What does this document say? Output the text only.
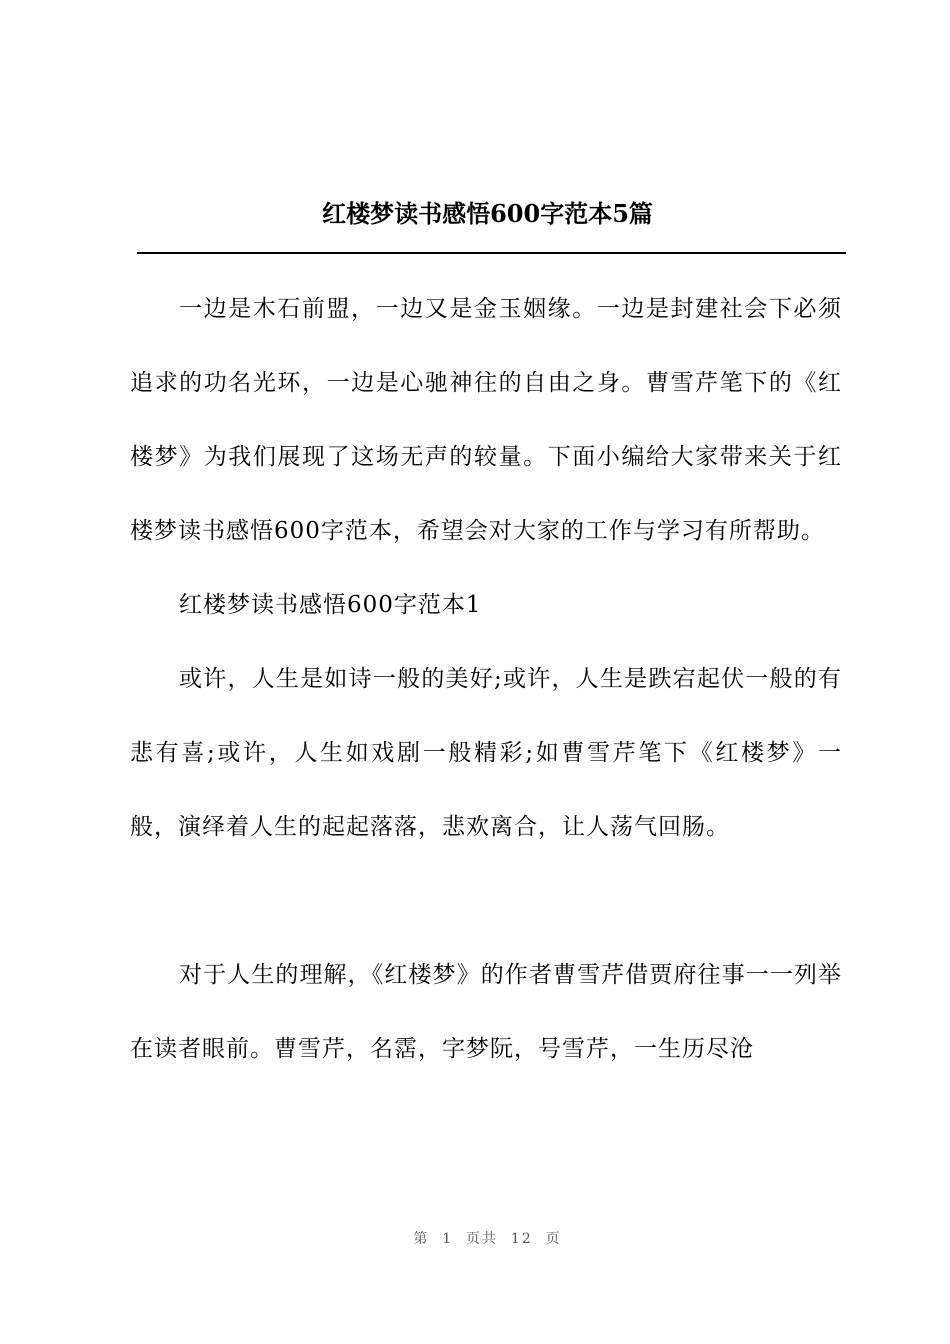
红楼梦读书感悟600字范本5篇

一边是木石前盟，一边又是金玉姻缘。一边是封建社会下必须追求的功名光环，一边是心驰神往的自由之身。曹雪芹笔下的《红楼梦》为我们展现了这场无声的较量。下面小编给大家带来关于红楼梦读书感悟600字范本，希望会对大家的工作与学习有所帮助。

红楼梦读书感悟600字范本1

或许，人生是如诗一般的美好;或许，人生是跌宕起伏一般的有悲有喜;或许，人生如戏剧一般精彩;如曹雪芹笔下《红楼梦》一般，演绎着人生的起起落落，悲欢离合，让人荡气回肠。

对于人生的理解，《红楼梦》的作者曹雪芹借贾府往事一一列举在读者眼前。曹雪芹，名霑，字梦阮，号雪芹，一生历尽沧

第  1  页共  12  页
